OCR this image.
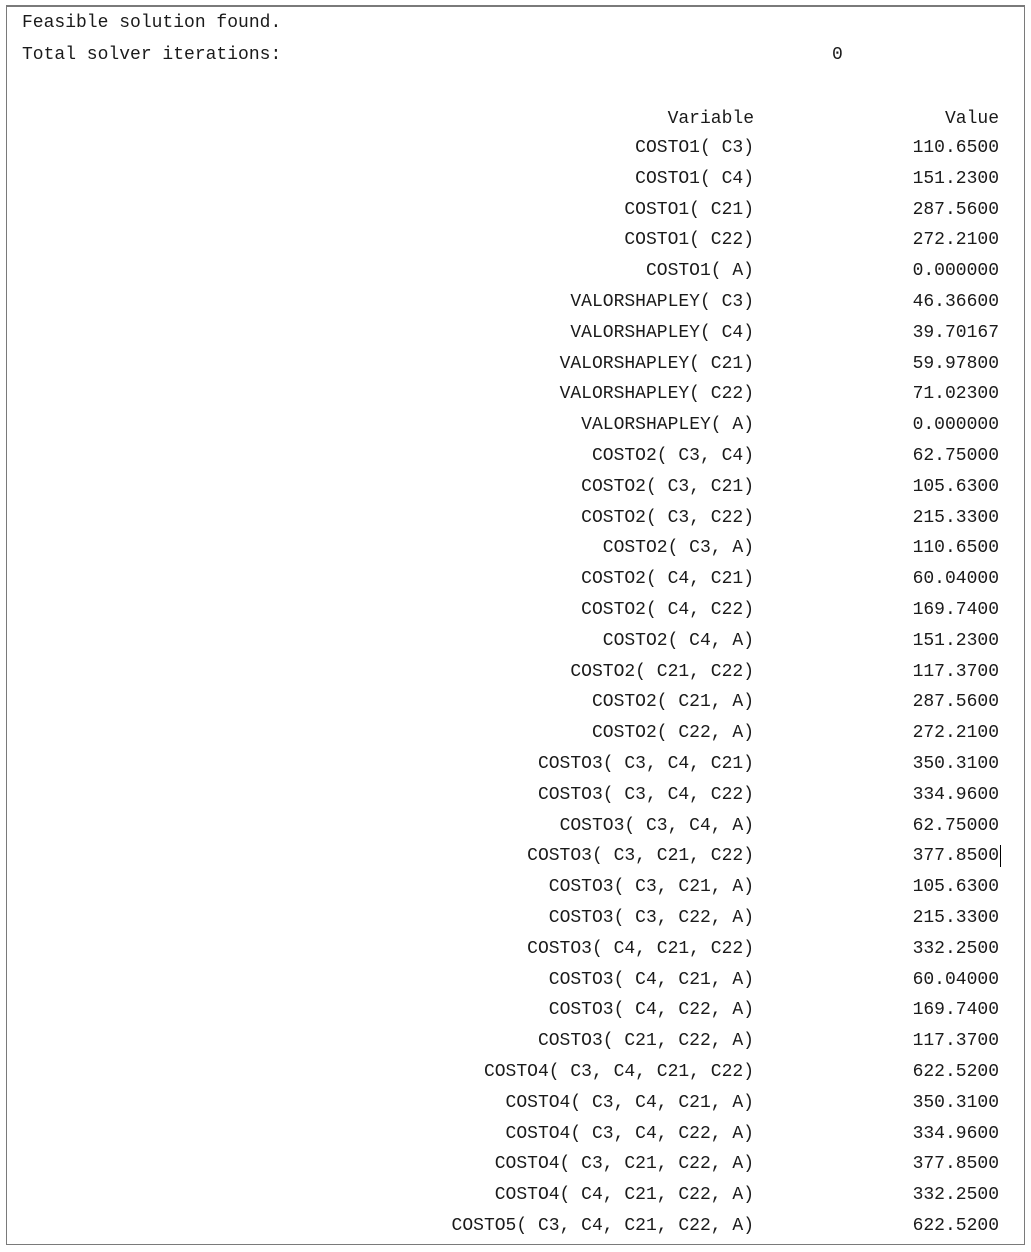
Feasible solution found.
Total solver iterations:	0
Variable	Value
COSTO1( C3)	110.6500
COSTO1( C4)	151.2300
COSTO1( C21)	287.5600
COSTO1( C22)	272.2100
COSTO1( A)	0.000000
VALORSHAPLEY( C3)	46.36600
VALORSHAPLEY( C4)	39.70167
VALORSHAPLEY( C21)	59.97800
VALORSHAPLEY( C22)	71.02300
VALORSHAPLEY( A)	0.000000
COSTO2( C3, C4)	62.75000
COSTO2( C3, C21)	105.6300
COSTO2( C3, C22)	215.3300
COSTO2( C3, A)	110.6500
COSTO2( C4, C21)	60.04000
COSTO2( C4, C22)	169.7400
COSTO2( C4, A)	151.2300
COSTO2( C21, C22)	117.3700
COSTO2( C21, A)	287.5600
COSTO2( C22, A)	272.2100
COSTO3( C3, C4, C21)	350.3100
COSTO3( C3, C4, C22)	334.9600
COSTO3( C3, C4, A)	62.75000
COSTO3( C3, C21, C22)	377.8500
COSTO3( C3, C21, A)	105.6300
COSTO3( C3, C22, A)	215.3300
COSTO3( C4, C21, C22)	332.2500
COSTO3( C4, C21, A)	60.04000
COSTO3( C4, C22, A)	169.7400
COSTO3( C21, C22, A)	117.3700
COSTO4( C3, C4, C21, C22)	622.5200
COSTO4( C3, C4, C21, A)	350.3100
COSTO4( C3, C4, C22, A)	334.9600
COSTO4( C3, C21, C22, A)	377.8500
COSTO4( C4, C21, C22, A)	332.2500
COSTO5( C3, C4, C21, C22, A)	622.5200
